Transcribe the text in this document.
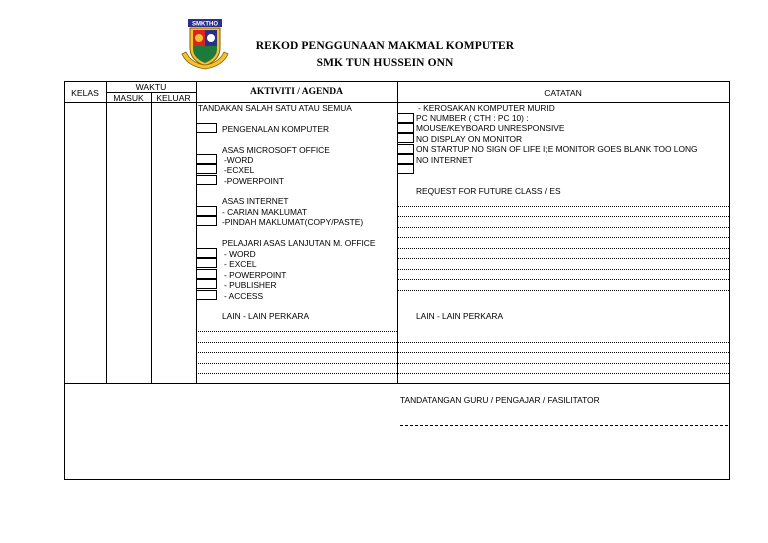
SMKTHO
REKOD PENGGUNAAN MAKMAL KOMPUTER
SMK TUN HUSSEIN ONN
KELAS
WAKTU
MASUK	KELUAR
AKTIVITI / AGENDA	CATATAN
TANDAKAN SALAH SATU ATAU SEMUA
PENGENALAN KOMPUTER
ASAS MICROSOFT OFFICE
-WORD
-ECXEL
-POWERPOINT
ASAS INTERNET
- CARIAN MAKLUMAT
-PINDAH MAKLUMAT(COPY/PASTE)
PELAJARI ASAS LANJUTAN M. OFFICE
- WORD
- EXCEL
- POWERPOINT
- PUBLISHER
- ACCESS
LAIN - LAIN PERKARA
- KEROSAKAN KOMPUTER MURID
PC NUMBER ( CTH : PC 10) :
MOUSE/KEYBOARD UNRESPONSIVE
NO DISPLAY ON MONITOR
ON STARTUP NO SIGN OF LIFE I;E MONITOR GOES BLANK TOO LONG
NO INTERNET
REQUEST FOR FUTURE CLASS / ES
LAIN - LAIN PERKARA
TANDATANGAN GURU / PENGAJAR / FASILITATOR
